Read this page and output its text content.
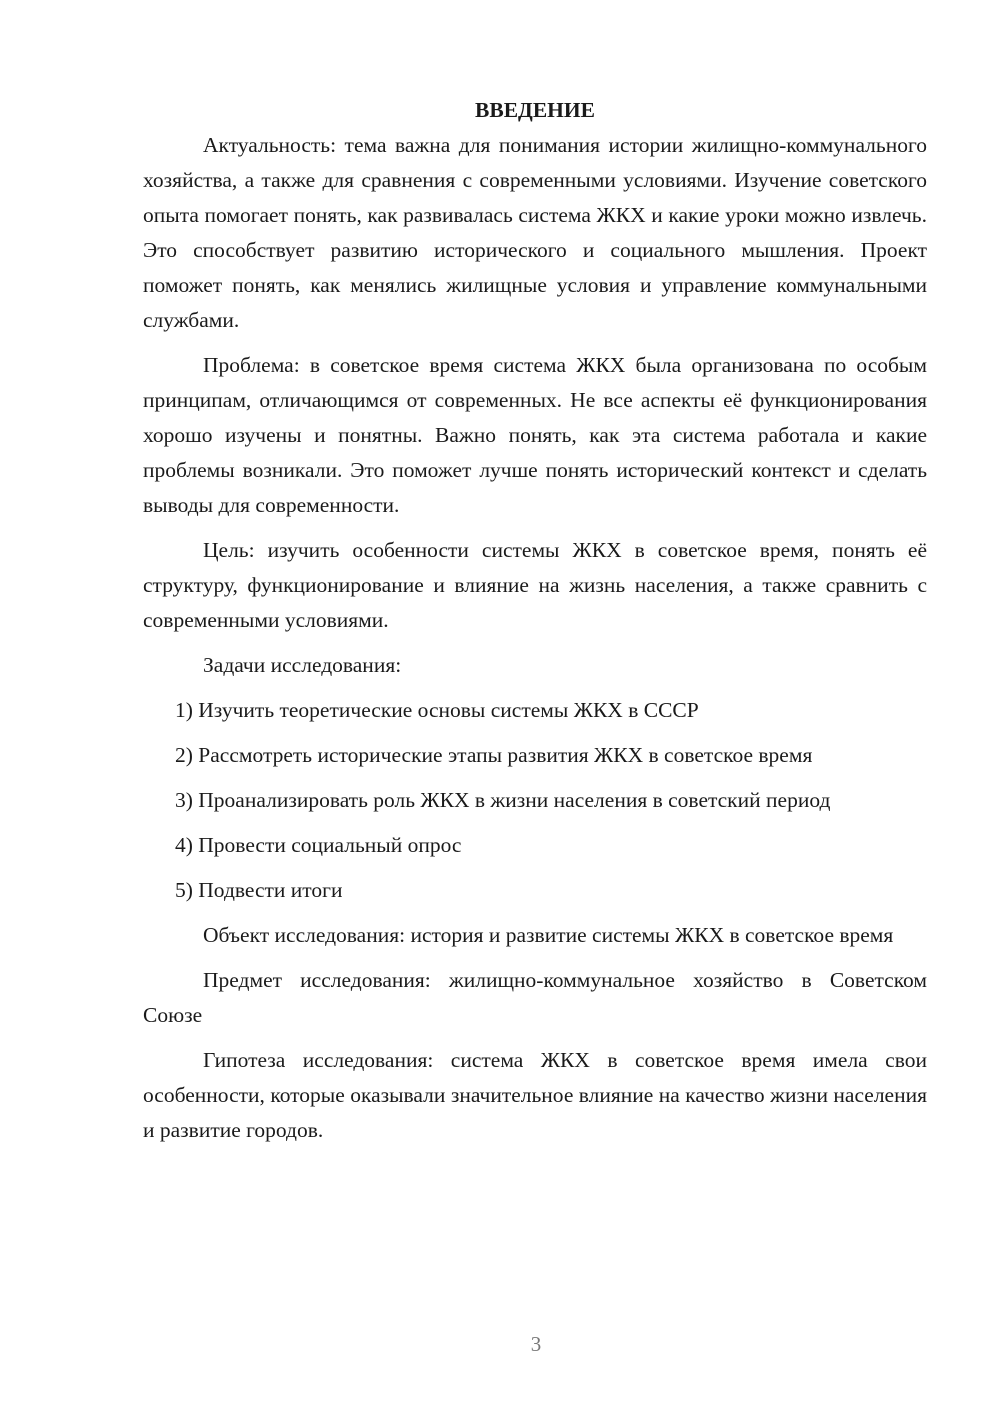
ВВЕДЕНИЕ

Актуальность: тема важна для понимания истории жилищно-коммунального хозяйства, а также для сравнения с современными условиями. Изучение советского опыта помогает понять, как развивалась система ЖКХ и какие уроки можно извлечь. Это способствует развитию исторического и социального мышления. Проект поможет понять, как менялись жилищные условия и управление коммунальными службами.

Проблема: в советское время система ЖКХ была организована по особым принципам, отличающимся от современных. Не все аспекты её функционирования хорошо изучены и понятны. Важно понять, как эта система работала и какие проблемы возникали. Это поможет лучше понять исторический контекст и сделать выводы для современности.

Цель: изучить особенности системы ЖКХ в советское время, понять её структуру, функционирование и влияние на жизнь населения, а также сравнить с современными условиями.

Задачи исследования:

1) Изучить теоретические основы системы ЖКХ в СССР

2) Рассмотреть исторические этапы развития ЖКХ в советское время

3) Проанализировать роль ЖКХ в жизни населения в советский период

4) Провести социальный опрос

5) Подвести итоги

Объект исследования: история и развитие системы ЖКХ в советское время

Предмет исследования: жилищно-коммунальное хозяйство в Советском Союзе

Гипотеза исследования: система ЖКХ в советское время имела свои особенности, которые оказывали значительное влияние на качество жизни населения и развитие городов.

3
